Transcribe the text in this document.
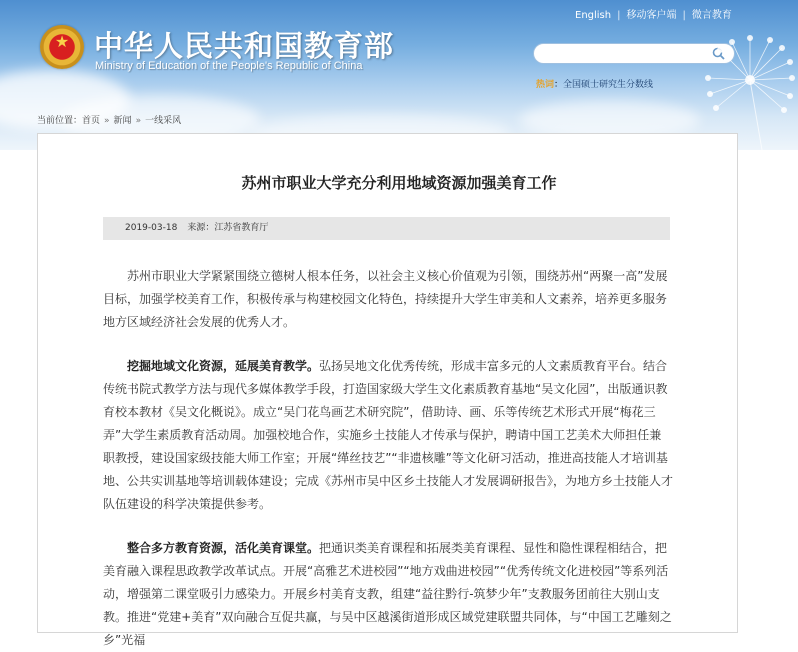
★
中华人民共和国教育部
Ministry of Education of the People's Republic of China
English | 移动客户端 | 微言教育
热词：全国硕士研究生分数线
当前位置：首页 » 新闻 » 一线采风
苏州市职业大学充分利用地域资源加强美育工作
2019-03-18 来源：江苏省教育厅

苏州市职业大学紧紧围绕立德树人根本任务，以社会主义核心价值观为引领，围绕苏州“两聚一高”发展目标，加强学校美育工作，积极传承与构建校园文化特色，持续提升大学生审美和人文素养，培养更多服务地方区域经济社会发展的优秀人才。

挖掘地域文化资源，延展美育教学。弘扬吴地文化优秀传统，形成丰富多元的人文素质教育平台。结合传统书院式教学方法与现代多媒体教学手段，打造国家级大学生文化素质教育基地“吴文化园”，出版通识教育校本教材《吴文化概说》。成立“吴门花鸟画艺术研究院”，借助诗、画、乐等传统艺术形式开展“梅花三弄”大学生素质教育活动周。加强校地合作，实施乡土技能人才传承与保护，聘请中国工艺美术大师担任兼职教授，建设国家级技能大师工作室；开展“缂丝技艺”“非遗核雕”等文化研习活动，推进高技能人才培训基地、公共实训基地等培训载体建设；完成《苏州市吴中区乡土技能人才发展调研报告》，为地方乡土技能人才队伍建设的科学决策提供参考。

整合多方教育资源，活化美育课堂。把通识类美育课程和拓展类美育课程、显性和隐性课程相结合，把美育融入课程思政教学改革试点。开展“高雅艺术进校园”“地方戏曲进校园”“优秀传统文化进校园”等系列活动，增强第二课堂吸引力感染力。开展乡村美育支教，组建“益往黔行-筑梦少年”支教服务团前往大别山支教。推进“党建+美育”双向融合互促共赢，与吴中区越溪街道形成区域党建联盟共同体，与“中国工艺雕刻之乡”光福
